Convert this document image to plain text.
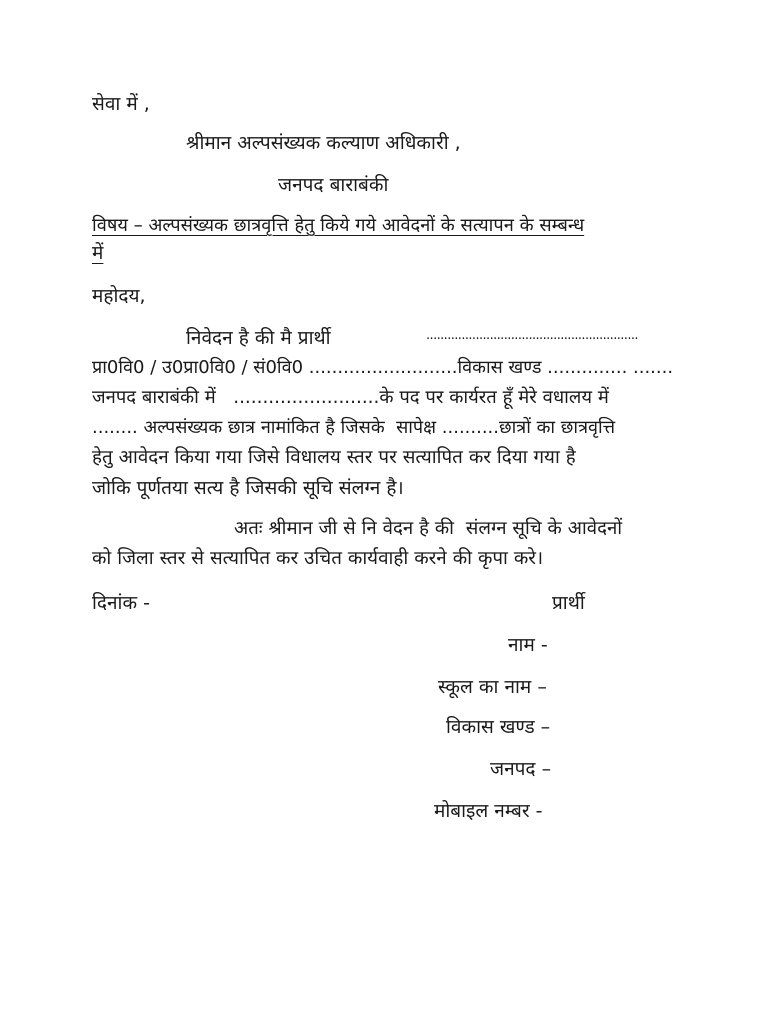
सेवा में ,
श्रीमान अल्पसंख्यक कल्याण अधिकारी ,
जनपद बाराबंकी
विषय – अल्पसंख्यक छात्रवृत्ति हेतु किये गये आवेदनों के सत्यापन के सम्बन्ध
में
महोदय,
निवेदन है की मै प्रार्थी	............................................................
प्रा0वि0 / उ0प्रा0वि0 / सं0वि0 ..........................विकास खण्ड .............. .......
जनपद बाराबंकी में   .........................के पद पर कार्यरत हूँ मेरे वधालय में
........ अल्पसंख्यक छात्र नामांकित है जिसके  सापेक्ष ..........छात्रों का छात्रवृत्ति
हेतु आवेदन किया गया जिसे विधालय स्तर पर सत्यापित कर दिया गया है
जोकि पूर्णतया सत्य है जिसकी सूचि संलग्न है।
अतः श्रीमान जी से नि वेदन है की  संलग्न सूचि के आवेदनों
को जिला स्तर से सत्यापित कर उचित कार्यवाही करने की कृपा करे।
दिनांक -	प्रार्थी
नाम -
स्कूल का नाम –
विकास खण्ड –
जनपद –
मोबाइल नम्बर -
